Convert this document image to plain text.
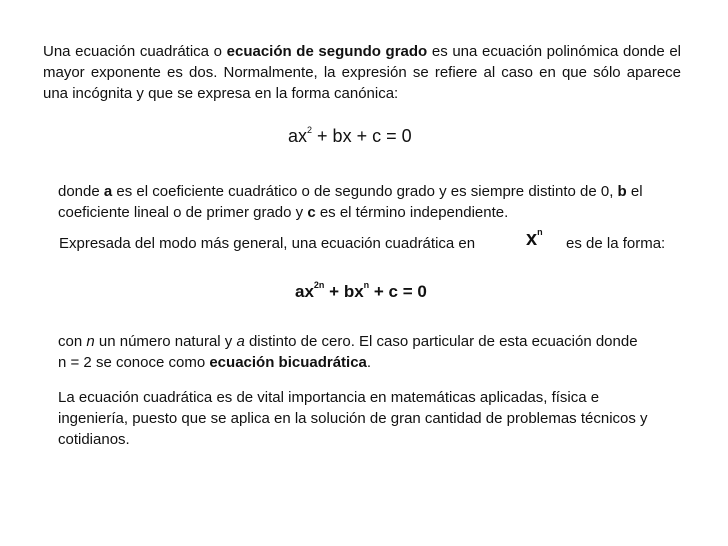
Una ecuación cuadrática o ecuación de segundo grado es una ecuación polinómica donde el mayor exponente es dos. Normalmente, la expresión se refiere al caso en que sólo aparece una incógnita y que se expresa en la forma canónica:

$ax^2$ + bx + c = 0

donde a es el coeficiente cuadrático o de segundo grado y es siempre distinto de 0, b el coeficiente lineal o de primer grado y c es el término independiente.

Expresada del modo más general, una ecuación cuadrática en	$x^n$
es de la forma:
$ax^{2n} + bx^n + c = 0$

con n un número natural y a distinto de cero. El caso particular de esta ecuación donde n = 2 se conoce como ecuación bicuadrática.

La ecuación cuadrática es de vital importancia en matemáticas aplicadas, física e ingeniería, puesto que se aplica en la solución de gran cantidad de problemas técnicos y cotidianos.
